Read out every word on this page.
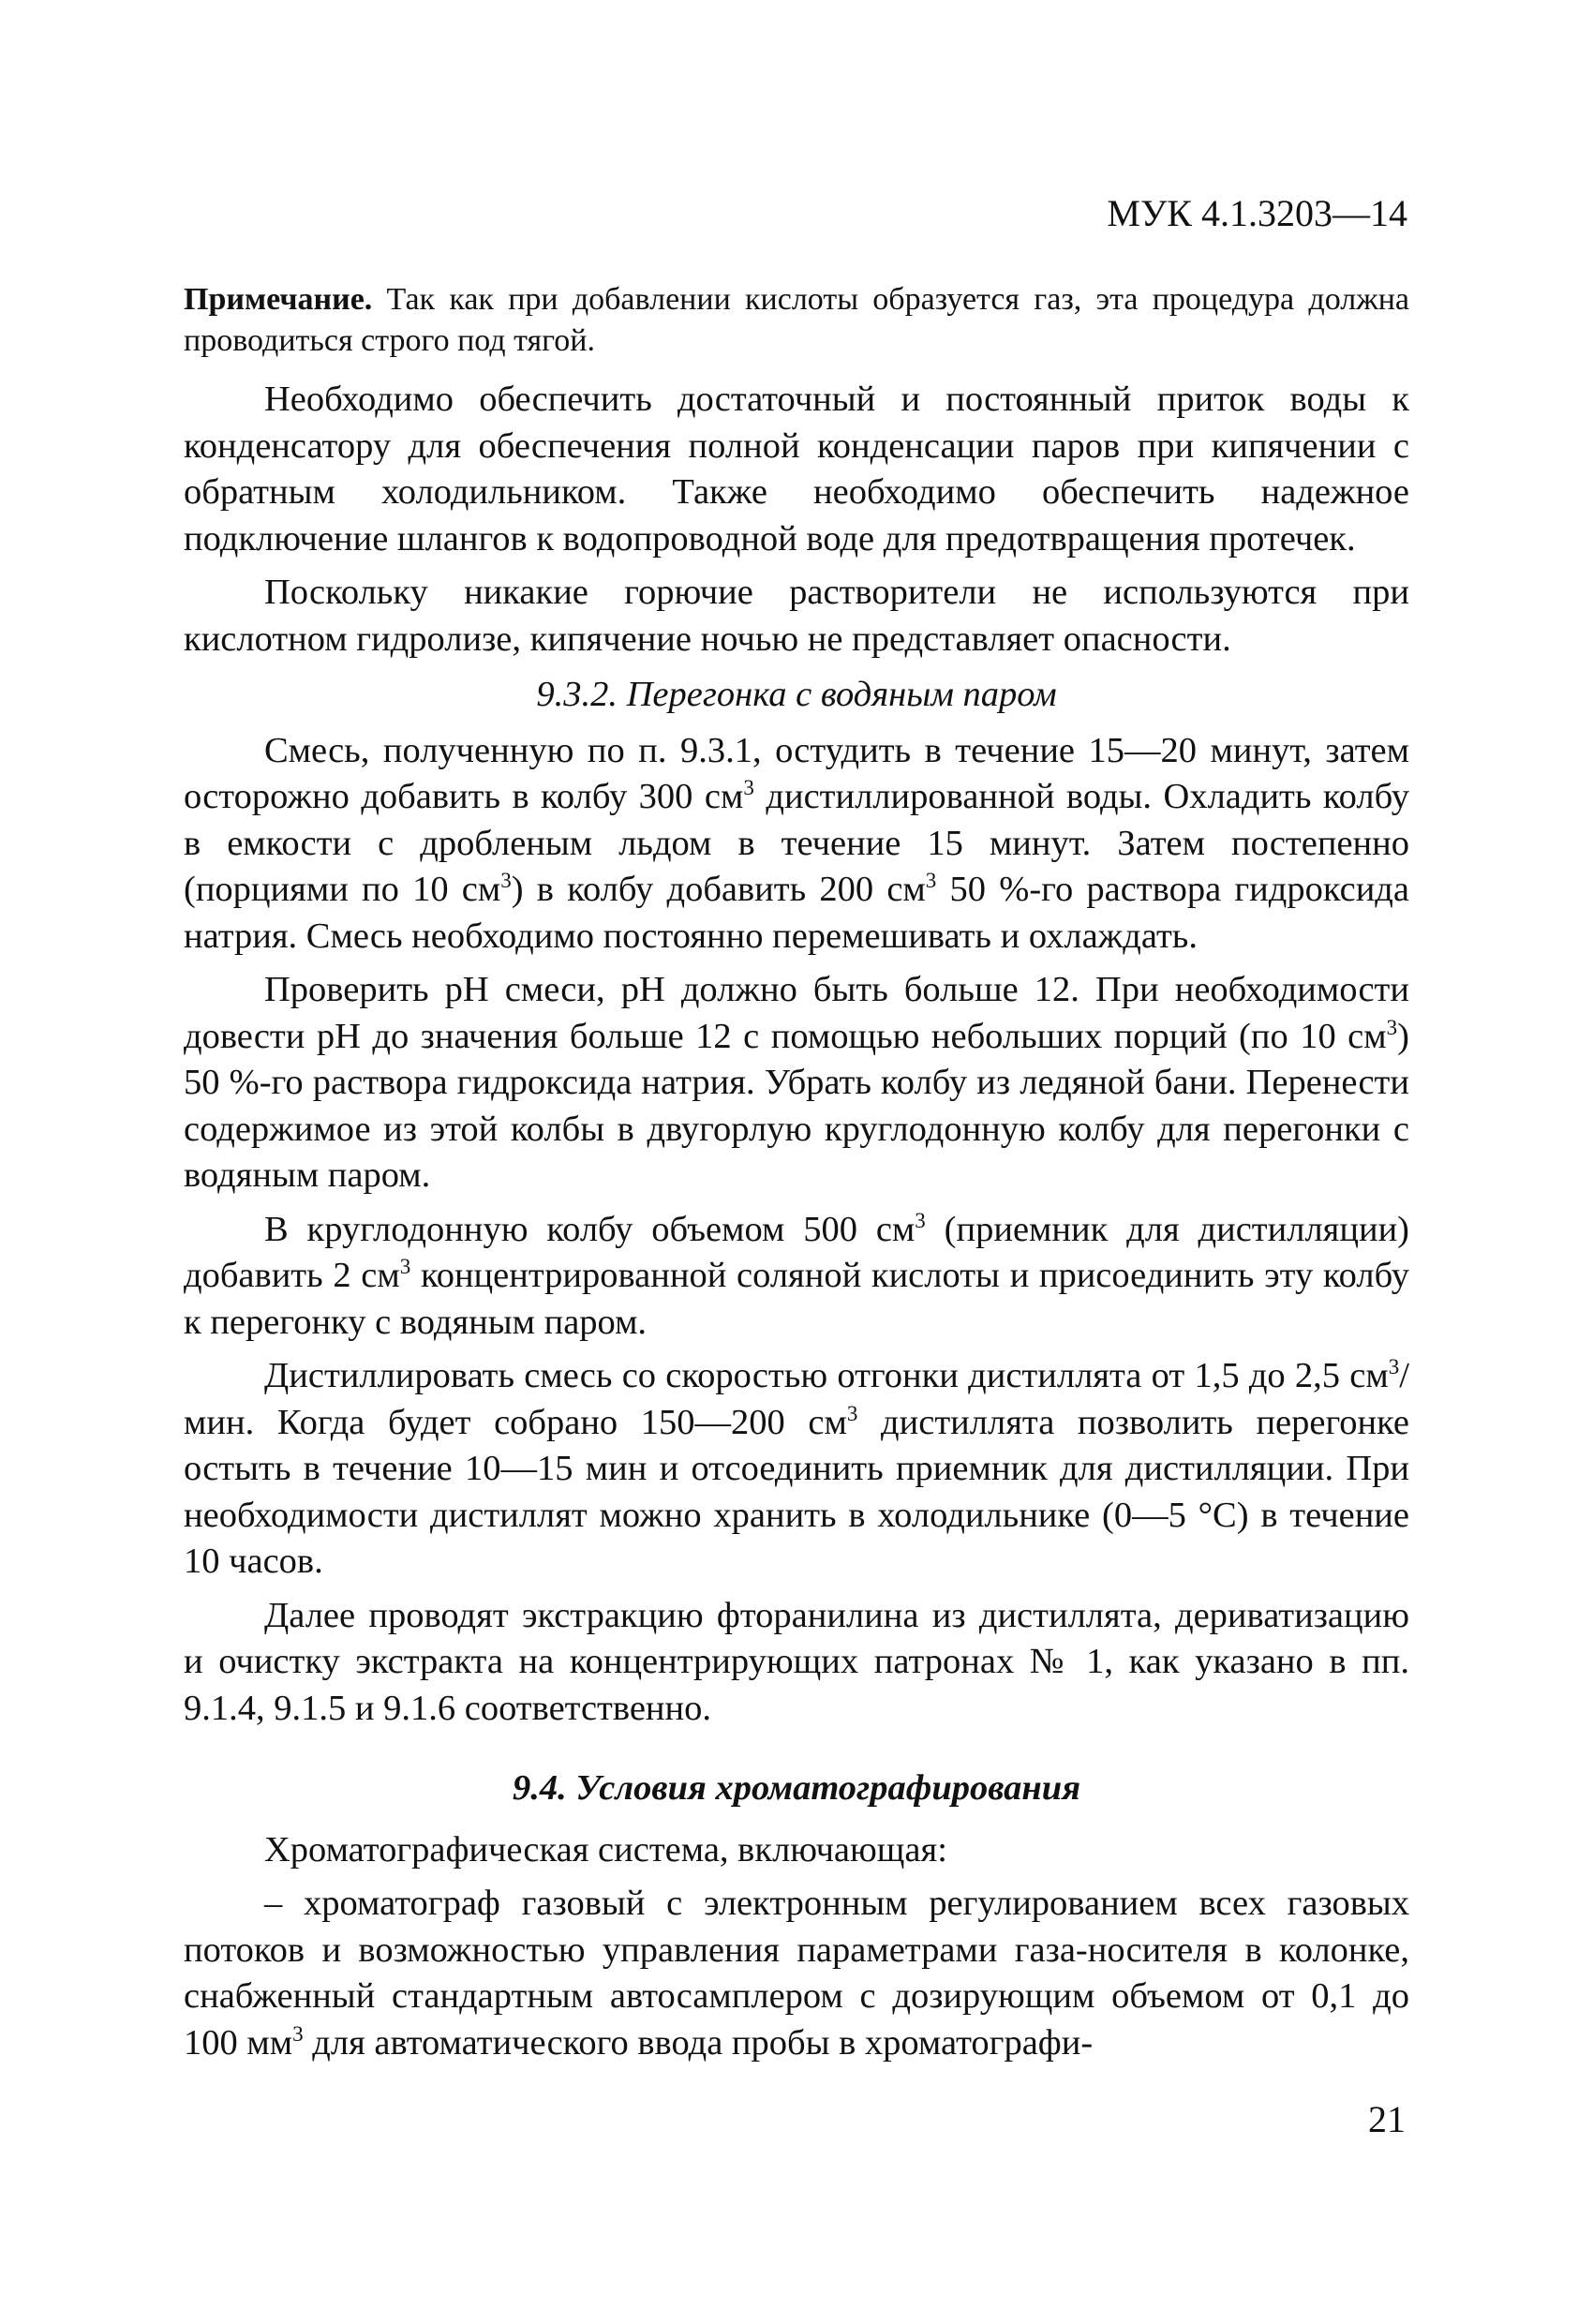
МУК 4.1.3203—14

Примечание. Так как при добавлении кислоты образуется газ, эта процедура должна проводиться строго под тягой.

Необходимо обеспечить достаточный и постоянный приток воды к конденсатору для обеспечения полной конденсации паров при кипячении с обратным холодильником. Также необходимо обеспечить надежное подключение шлангов к водопроводной воде для предотвращения протечек.

Поскольку никакие горючие растворители не используются при кислотном гидролизе, кипячение ночью не представляет опасности.

9.3.2. Перегонка с водяным паром

Смесь, полученную по п. 9.3.1, остудить в течение 15—20 минут, затем осторожно добавить в колбу 300 $см^3$ дистиллированной воды. Охладить колбу в емкости с дробленым льдом в течение 15 минут. Затем постепенно (порциями по 10 $см^3$) в колбу добавить 200 $см^3$ 50 %-го раствора гидроксида натрия. Смесь необходимо постоянно перемешивать и охлаждать.

Проверить pH смеси, pH должно быть больше 12. При необходимости довести pH до значения больше 12 с помощью небольших порций (по 10 $см^3$) 50 %-го раствора гидроксида натрия. Убрать колбу из ледяной бани. Перенести содержимое из этой колбы в двугорлую круглодонную колбу для перегонки с водяным паром.

В круглодонную колбу объемом 500 $см^3$ (приемник для дистилляции) добавить 2 $см^3$ концентрированной соляной кислоты и присоединить эту колбу к перегонку с водяным паром.

Дистиллировать смесь со скоростью отгонки дистиллята от 1,5 до 2,5 $см^3$/мин. Когда будет собрано 150—200 $см^3$ дистиллята позволить перегонке остыть в течение 10—15 мин и отсоединить приемник для дистилляции. При необходимости дистиллят можно хранить в холодильнике (0—5 °С) в течение 10 часов.

Далее проводят экстракцию фторанилина из дистиллята, дериватизацию и очистку экстракта на концентрирующих патронах № 1, как указано в пп. 9.1.4, 9.1.5 и 9.1.6 соответственно.

9.4. Условия хроматографирования

Хроматографическая система, включающая:

– хроматограф газовый с электронным регулированием всех газовых потоков и возможностью управления параметрами газа-носителя в колонке, снабженный стандартным автосамплером с дозирующим объемом от 0,1 до 100 $мм^3$ для автоматического ввода пробы в хроматографи-

21
